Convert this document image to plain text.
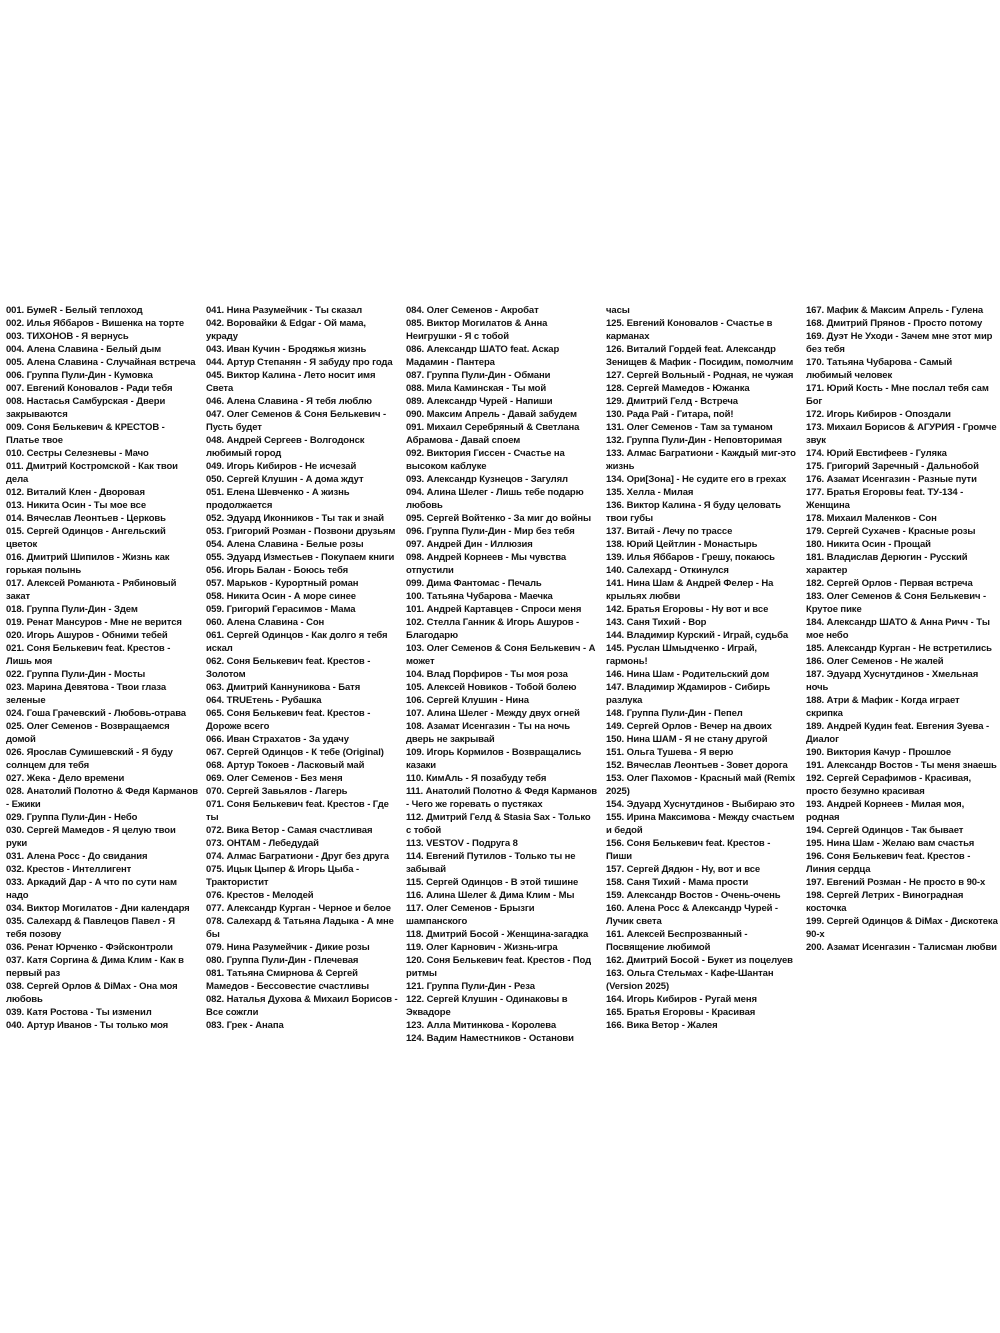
001. БумеR - Белый теплоход

002. Илья Яббаров - Вишенка на торте

003. ТИХОНОВ - Я вернусь

004. Алена Славина - Белый дым

005. Алена Славина - Случайная встреча

006. Группа Пули-Дин - Кумовка

007. Евгений Коновалов - Ради тебя

008. Настасья Самбурская - Двери закрываются

009. Соня Белькевич & КРЕСТОВ - Платье твое

010. Сестры Селезневы - Мачо

011. Дмитрий Костромской - Как твои дела

012. Виталий Клен - Дворовая

013. Никита Осин - Ты мое все

014. Вячеслав Леонтьев - Церковь

015. Сергей Одинцов - Ангельский цветок

016. Дмитрий Шипилов - Жизнь как горькая полынь

017. Алексей Романюта - Рябиновый закат

018. Группа Пули-Дин - Здем

019. Ренат Мансуров - Мне не верится

020. Игорь Ашуров - Обними тебей

021. Соня Белькевич feat. Крестов - Лишь моя

022. Группа Пули-Дин - Мосты

023. Марина Девятова - Твои глаза зеленые

024. Гоша Грачевский - Любовь-отрава

025. Олег Семенов - Возвращаемся домой

026. Ярослав Сумишевский - Я буду солнцем для тебя

027. Жека - Дело времени

028. Анатолий Полотно & Федя Карманов - Ежики

029. Группа Пули-Дин - Небо

030. Сергей Мамедов - Я целую твои руки

031. Алена Росс - До свидания

032. Крестов - Интеллигент

033. Аркадий Дар - А что по сути нам надо

034. Виктор Могилатов - Дни календаря

035. Салехард & Павлецов Павел - Я тебя позову

036. Ренат Юрченко - Фэйсконтроли

037. Катя Соргина & Дима Клим - Как в первый раз

038. Сергей Орлов & DiMax - Она моя любовь

039. Катя Ростова - Ты изменил

040. Артур Иванов - Ты только моя

041. Нина Разумейчик - Ты сказал

042. Воровайки & Edgar - Ой мама, украду

043. Иван Кучин - Бродяжья жизнь

044. Артур Степанян - Я забуду про года

045. Виктор Калина - Лето носит имя Света

046. Алена Славина - Я тебя люблю

047. Олег Семенов & Соня Белькевич - Пусть будет

048. Андрей Сергеев - Волгодонск любимый город

049. Игорь Кибиров - Не исчезай

050. Сергей Клушин - А дома ждут

051. Елена Шевченко - А жизнь продолжается

052. Эдуард Иконников - Ты так и знай

053. Григорий Розман - Позвони друзьям

054. Алена Славина - Белые розы

055. Эдуард Изместьев - Покупаем книги

056. Игорь Балан - Боюсь тебя

057. Марьков - Курортный роман

058. Никита Осин - А море синее

059. Григорий Герасимов - Мама

060. Алена Славина - Сон

061. Сергей Одинцов - Как долго я тебя искал

062. Соня Белькевич feat. Крестов - Золотом

063. Дмитрий Каннуникова - Батя

064. TRUEтень - Рубашка

065. Соня Белькевич feat. Крестов - Дороже всего

066. Иван Страхатов - За удачу

067. Сергей Одинцов - К тебе (Original)

068. Артур Токоев - Ласковый май

069. Олег Семенов - Без меня

070. Сергей Завьялов - Лагерь

071. Соня Белькевич feat. Крестов - Где ты

072. Вика Ветор - Самая счастливая

073. ОНТАМ - Лебедудай

074. Алмас Багратиони - Друг без друга

075. Ицык Цыпер & Игорь Цыба - Трактористит

076. Крестов - Мелодей

077. Александр Курган - Черное и белое

078. Салехард & Татьяна Ладыка - А мне бы

079. Нина Разумейчик - Дикие розы

080. Группа Пули-Дин - Плечевая

081. Татьяна Смирнова & Сергей Мамедов - Бессовестие счастливы

082. Наталья Духова & Михаил Борисов - Все сожгли

083. Грек - Анапа

084. Олег Семенов - Акробат

085. Виктор Могилатов & Анна Неигрушки - Я с тобой

086. Александр ШАТО feat. Аскар Мадамин - Пантера

087. Группа Пули-Дин - Обмани

088. Мила Каминская - Ты мой

089. Александр Чурей - Напиши

090. Максим Апрель - Давай забудем

091. Михаил Серебряный & Светлана Абрамова - Давай споем

092. Виктория Гиссен - Счастье на высоком каблуке

093. Александр Кузнецов - Загулял

094. Алина Шелег - Лишь тебе подарю любовь

095. Сергей Войтенко - За миг до войны

096. Группа Пули-Дин - Мир без тебя

097. Андрей Дин - Иллюзия

098. Андрей Корнеев - Мы чувства отпустили

099. Дима Фантомас - Печаль

100. Татьяна Чубарова - Маечка

101. Андрей Картавцев - Спроси меня

102. Стелла Ганник & Игорь Ашуров - Благодарю

103. Олег Семенов & Соня Белькевич - А может

104. Влад Порфиров - Ты моя роза

105. Алексей Новиков - Тобой болею

106. Сергей Клушин - Нина

107. Алина Шелег - Между двух огней

108. Азамат Исенгазин - Ты на ночь дверь не закрывай

109. Игорь Кормилов - Возвращались казаки

110. КимАль - Я позабуду тебя

111. Анатолий Полотно & Федя Карманов - Чего же горевать о пустяках

112. Дмитрий Гелд & Stasia Sax - Только с тобой

113. VESTOV - Подруга 8

114. Евгений Путилов - Только ты не забывай

115. Сергей Одинцов - В этой тишине

116. Алина Шелег & Дима Клим - Мы

117. Олег Семенов - Брызги шампанского

118. Дмитрий Босой - Женщина-загадка

119. Олег Карнович - Жизнь-игра

120. Соня Белькевич feat. Крестов - Под ритмы

121. Группа Пули-Дин - Реза

122. Сергей Клушин - Одинаковы в Эквадоре

123. Алла Митинкова - Королева

124. Вадим Наместников - Останови

часы

125. Евгений Коновалов - Счастье в карманах

126. Виталий Гордей feat. Александр Зенищев & Мафик - Посидим, помолчим

127. Сергей Вольный - Родная, не чужая

128. Сергей Мамедов - Южанка

129. Дмитрий Гелд - Встреча

130. Рада Рай - Гитара, пой!

131. Олег Семенов - Там за туманом

132. Группа Пули-Дин - Неповторимая

133. Алмас Багратиони - Каждый миг-это жизнь

134. Ори[Зона] - Не судите его в грехах

135. Хелла - Милая

136. Виктор Калина - Я буду целовать твои губы

137. Витай - Лечу по трассе

138. Юрий Цейтлин - Монастырь

139. Илья Яббаров - Грешу, покаюсь

140. Салехард - Откинулся

141. Нина Шам & Андрей Фелер - На крыльях любви

142. Братья Егоровы - Ну вот и все

143. Саня Тихий - Вор

144. Владимир Курский - Играй, судьба

145. Руслан Шмыдченко - Играй, гармонь!

146. Нина Шам - Родительский дом

147. Владимир Ждамиров - Сибирь разлука

148. Группа Пули-Дин - Пепел

149. Сергей Орлов - Вечер на двоих

150. Нина ШАМ - Я не стану другой

151. Ольга Тушева - Я верю

152. Вячеслав Леонтьев - Зовет дорога

153. Олег Пахомов - Красный май (Remix 2025)

154. Эдуард Хуснутдинов - Выбираю это

155. Ирина Максимова - Между счастьем и бедой

156. Соня Белькевич feat. Крестов - Пиши

157. Сергей Дядюн - Ну, вот и все

158. Саня Тихий - Мама прости

159. Александр Востов - Очень-очень

160. Алена Росс & Александр Чурей - Лучик света

161. Алексей Беспрозванный - Посвящение любимой

162. Дмитрий Босой - Букет из поцелуев

163. Ольга Стельмах - Кафе-Шантан (Version 2025)

164. Игорь Кибиров - Ругай меня

165. Братья Егоровы - Красивая

166. Вика Ветор - Жалея

167. Мафик & Максим Апрель - Гулена

168. Дмитрий Прянов - Просто потому

169. Дуэт Не Уходи - Зачем мне этот мир без тебя

170. Татьяна Чубарова - Самый любимый человек

171. Юрий Кость - Мне послал тебя сам Бог

172. Игорь Кибиров - Опоздали

173. Михаил Борисов & АГУРИЯ - Громче звук

174. Юрий Евстифеев - Гуляка

175. Григорий Заречный - Дальнобой

176. Азамат Исенгазин - Разные пути

177. Братья Егоровы feat. ТУ-134 - Женщина

178. Михаил Маленков - Сон

179. Сергей Сухачев - Красные розы

180. Никита Осин - Прощай

181. Владислав Дерюгин - Русский характер

182. Сергей Орлов - Первая встреча

183. Олег Семенов & Соня Белькевич - Крутое пике

184. Александр ШАТО & Анна Ричч - Ты мое небо

185. Александр Курган - Не встретились

186. Олег Семенов - Не жалей

187. Эдуард Хуснутдинов - Хмельная ночь

188. Атри & Мафик - Когда играет скрипка

189. Андрей Кудин feat. Евгения Зуева - Диалог

190. Виктория Качур - Прошлое

191. Александр Востов - Ты меня знаешь

192. Сергей Серафимов - Красивая, просто безумно красивая

193. Андрей Корнеев - Милая моя, родная

194. Сергей Одинцов - Так бывает

195. Нина Шам - Желаю вам счастья

196. Соня Белькевич feat. Крестов - Линия сердца

197. Евгений Розман - Не просто в 90-х

198. Сергей Летрих - Виноградная косточка

199. Сергей Одинцов & DiMax - Дискотека 90-х

200. Азамат Исенгазин - Талисман любви
